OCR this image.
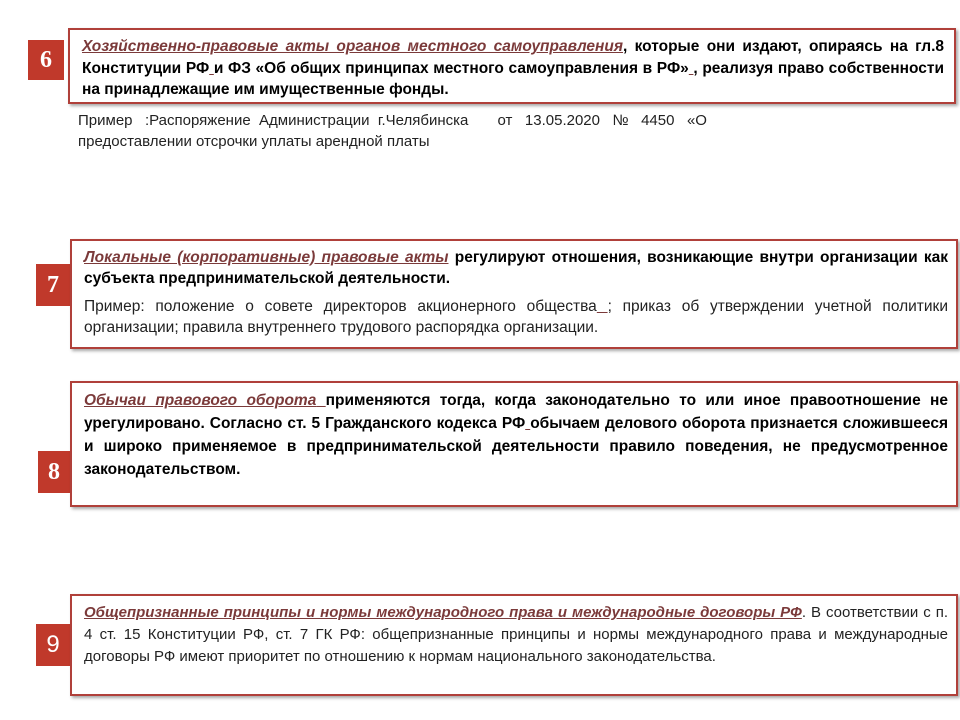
6 Хозяйственно-правовые акты органов местного самоуправления, которые они издают, опираясь на гл.8 Конституции РФ и ФЗ «Об общих принципах местного самоуправления в РФ» , реализуя право собственности на принадлежащие им имущественные фонды.
Пример   :Распоряжение  Администрации  г.Челябинска       от   13.05.2020   №   4450   «О
предоставлении отсрочки уплаты арендной платы
7
Локальные (корпоративные) правовые акты регулируют отношения, возникающие внутри организации как субъекта предпринимательской деятельности.
Пример: положение о совете директоров акционерного общества ; приказ об утверждении учетной политики организации; правила внутреннего трудового распорядка организации.
8
Обычаи правового оборота применяются тогда, когда законодательно то или иное правоотношение не урегулировано. Согласно ст. 5 Гражданского кодекса РФ обычаем делового оборота признается сложившееся и широко применяемое в предпринимательской деятельности правило поведения, не предусмотренное законодательством.
9
Общепризнанные принципы и нормы международного права и международные договоры РФ. В соответствии с п. 4 ст. 15 Конституции РФ, ст. 7 ГК РФ: общепризнанные принципы и нормы международного права и международные договоры РФ имеют приоритет по отношению к нормам национального законодательства.
